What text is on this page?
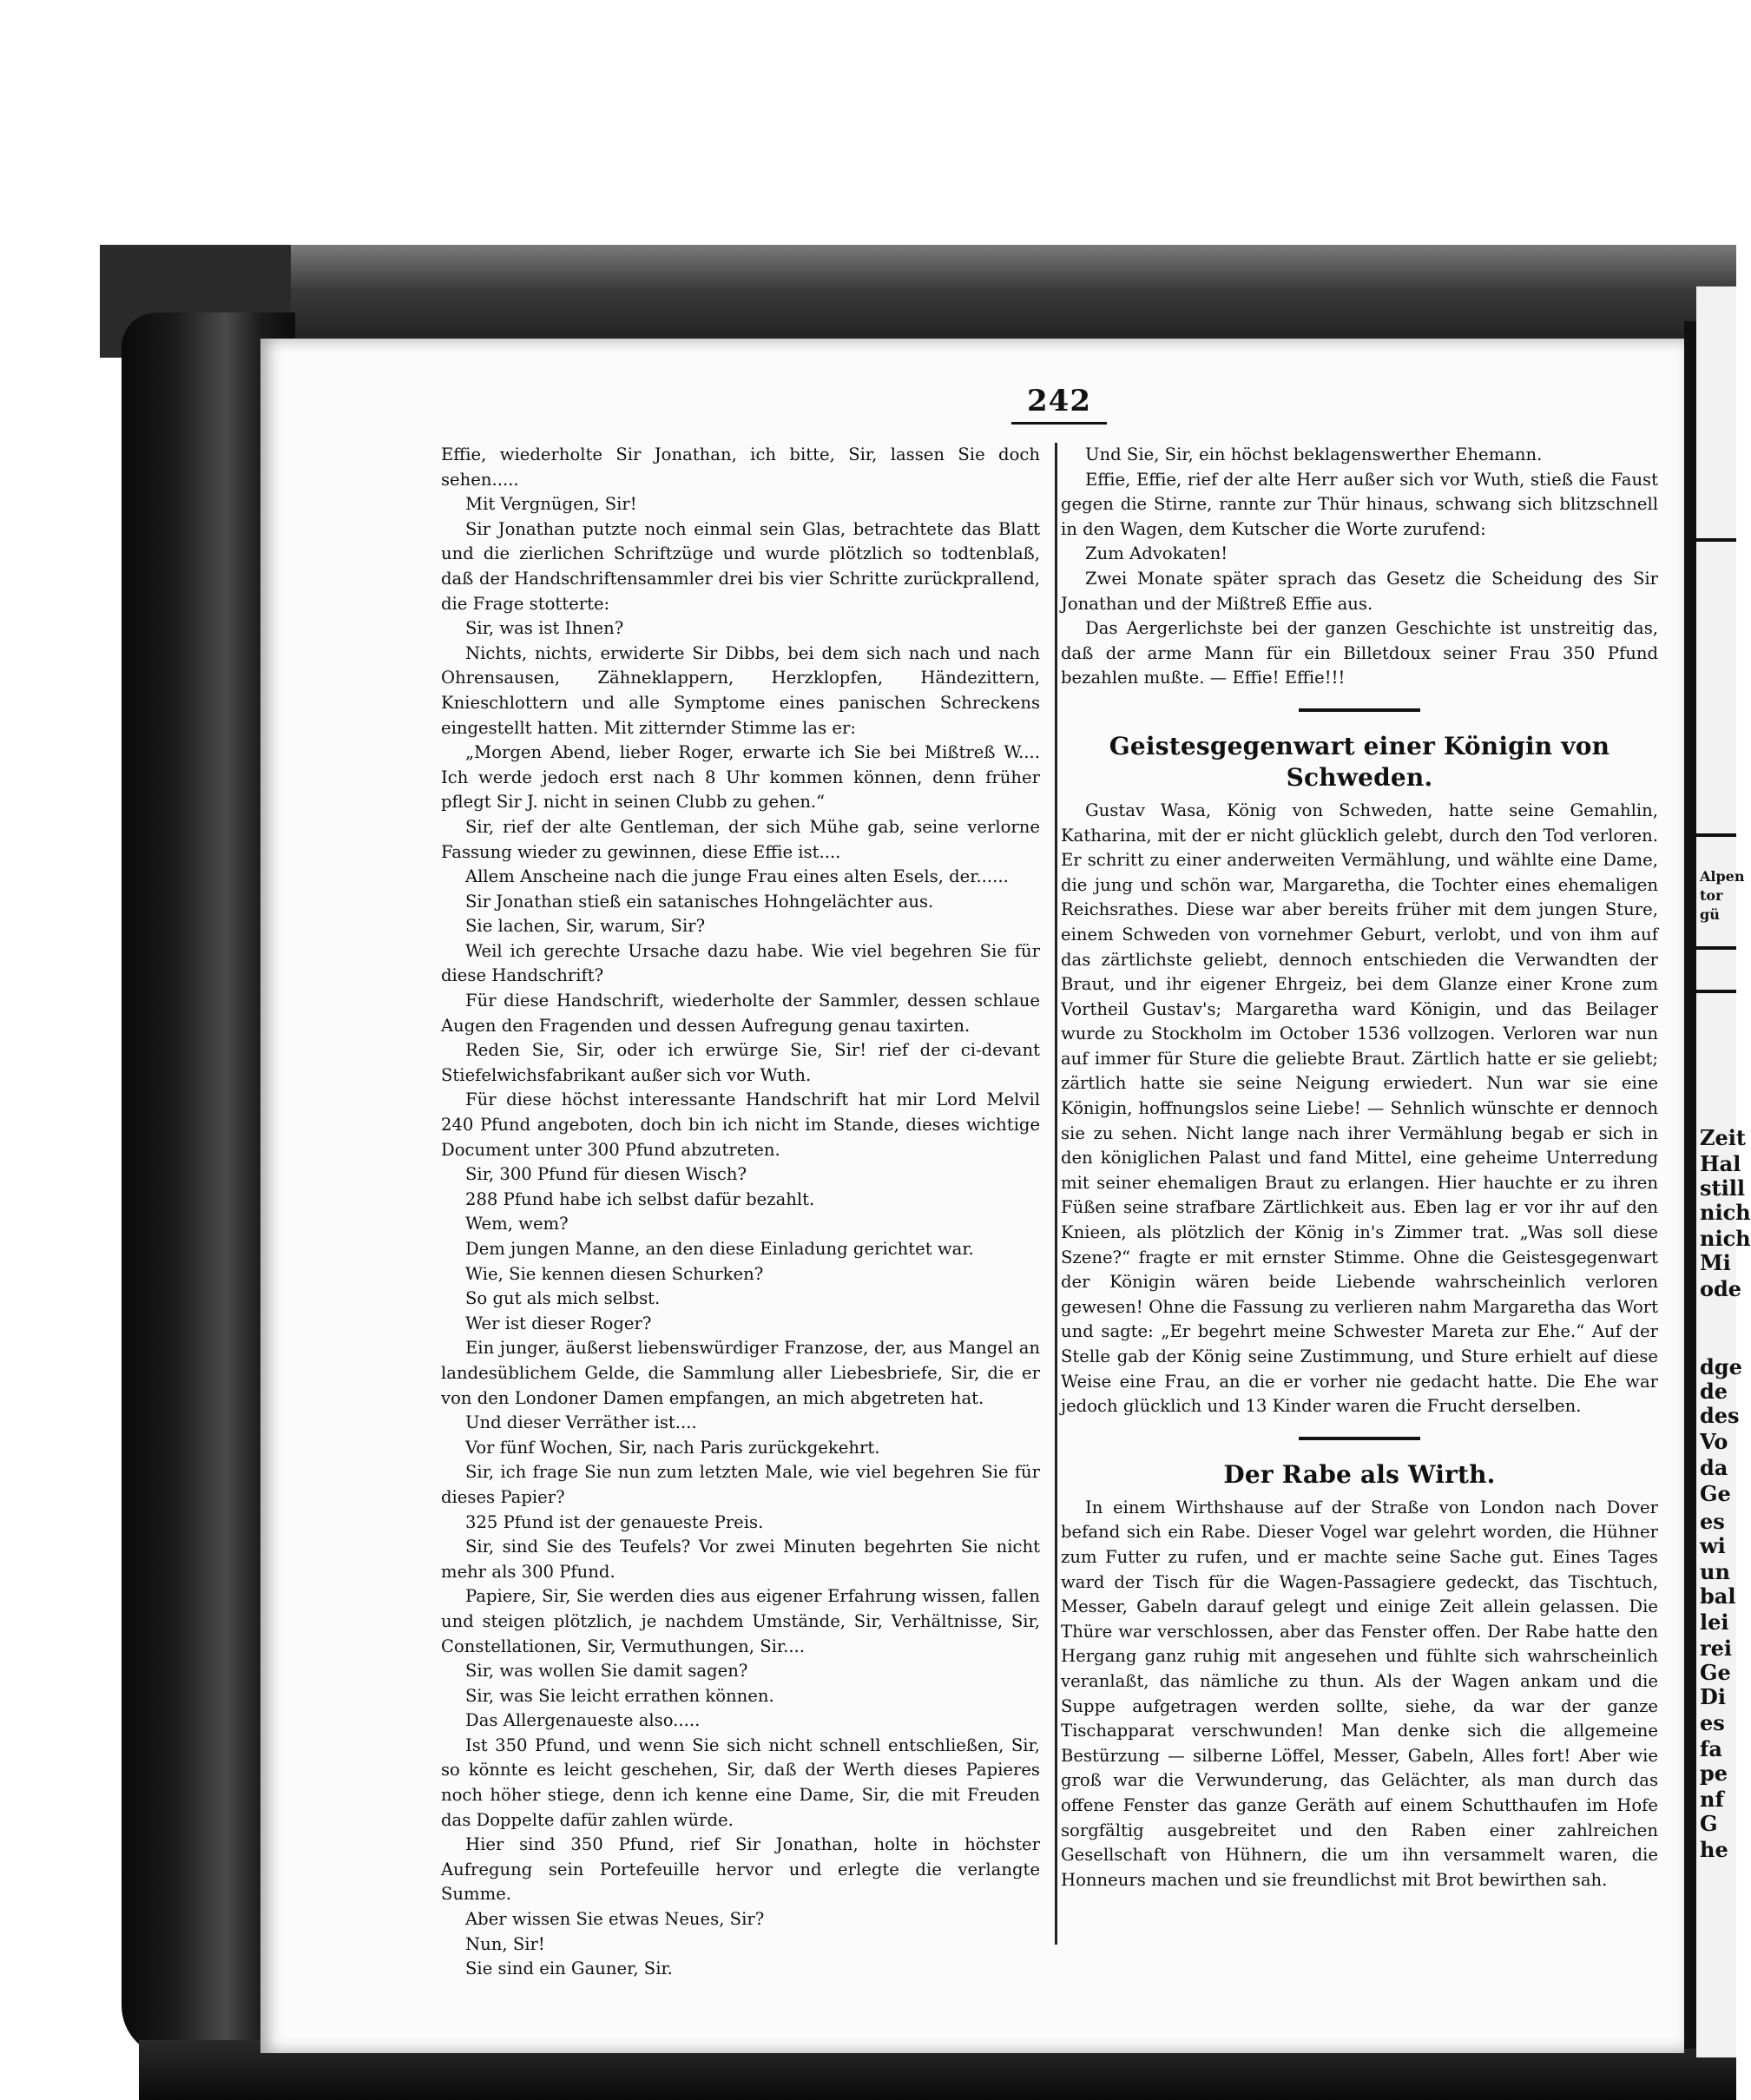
Alpen
tor
gü
Zeit
Hal
still
nich
nich
Mi
ode
dge
de
des
Vo
da
Ge
es
wi
un
bal
lei
rei
Ge
Di
es
fa
pe
nf
G
he
242

Effie, wiederholte Sir Jonathan, ich bitte, Sir, lassen Sie doch sehen.....

Mit Vergnügen, Sir!

Sir Jonathan putzte noch einmal sein Glas, betrachtete das Blatt und die zierlichen Schriftzüge und wurde plötzlich so todtenblaß, daß der Handschriftensammler drei bis vier Schritte zurückprallend, die Frage stotterte:

Sir, was ist Ihnen?

Nichts, nichts, erwiderte Sir Dibbs, bei dem sich nach und nach Ohrensausen, Zähneklappern, Herzklopfen, Händezittern, Knieschlottern und alle Symptome eines panischen Schreckens eingestellt hatten. Mit zitternder Stimme las er:

„Morgen Abend, lieber Roger, erwarte ich Sie bei Mißtreß W.... Ich werde jedoch erst nach 8 Uhr kommen können, denn früher pflegt Sir J. nicht in seinen Clubb zu gehen.“

Sir, rief der alte Gentleman, der sich Mühe gab, seine verlorne Fassung wieder zu gewinnen, diese Effie ist....

Allem Anscheine nach die junge Frau eines alten Esels, der......

Sir Jonathan stieß ein satanisches Hohngelächter aus.

Sie lachen, Sir, warum, Sir?

Weil ich gerechte Ursache dazu habe. Wie viel begehren Sie für diese Handschrift?

Für diese Handschrift, wiederholte der Sammler, dessen schlaue Augen den Fragenden und dessen Aufregung genau taxirten.

Reden Sie, Sir, oder ich erwürge Sie, Sir! rief der ci-devant Stiefelwichsfabrikant außer sich vor Wuth.

Für diese höchst interessante Handschrift hat mir Lord Melvil 240 Pfund angeboten, doch bin ich nicht im Stande, dieses wichtige Document unter 300 Pfund abzutreten.

Sir, 300 Pfund für diesen Wisch?

288 Pfund habe ich selbst dafür bezahlt.

Wem, wem?

Dem jungen Manne, an den diese Einladung gerichtet war.

Wie, Sie kennen diesen Schurken?

So gut als mich selbst.

Wer ist dieser Roger?

Ein junger, äußerst liebenswürdiger Franzose, der, aus Mangel an landesüblichem Gelde, die Sammlung aller Liebesbriefe, Sir, die er von den Londoner Damen empfangen, an mich abgetreten hat.

Und dieser Verräther ist....

Vor fünf Wochen, Sir, nach Paris zurückgekehrt.

Sir, ich frage Sie nun zum letzten Male, wie viel begehren Sie für dieses Papier?

325 Pfund ist der genaueste Preis.

Sir, sind Sie des Teufels? Vor zwei Minuten begehrten Sie nicht mehr als 300 Pfund.

Papiere, Sir, Sie werden dies aus eigener Erfahrung wissen, fallen und steigen plötzlich, je nachdem Umstände, Sir, Verhältnisse, Sir, Constellationen, Sir, Vermuthungen, Sir....

Sir, was wollen Sie damit sagen?

Sir, was Sie leicht errathen können.

Das Allergenaueste also.....

Ist 350 Pfund, und wenn Sie sich nicht schnell entschließen, Sir, so könnte es leicht geschehen, Sir, daß der Werth dieses Papieres noch höher stiege, denn ich kenne eine Dame, Sir, die mit Freuden das Doppelte dafür zahlen würde.

Hier sind 350 Pfund, rief Sir Jonathan, holte in höchster Aufregung sein Portefeuille hervor und erlegte die verlangte Summe.

Aber wissen Sie etwas Neues, Sir?

Nun, Sir!

Sie sind ein Gauner, Sir.

Und Sie, Sir, ein höchst beklagenswerther Ehemann.

Effie, Effie, rief der alte Herr außer sich vor Wuth, stieß die Faust gegen die Stirne, rannte zur Thür hinaus, schwang sich blitzschnell in den Wagen, dem Kutscher die Worte zurufend:

Zum Advokaten!

Zwei Monate später sprach das Gesetz die Scheidung des Sir Jonathan und der Mißtreß Effie aus.

Das Aergerlichste bei der ganzen Geschichte ist unstreitig das, daß der arme Mann für ein Billetdoux seiner Frau 350 Pfund bezahlen mußte. — Effie! Effie!!!

Geistesgegenwart einer Königin von Schweden.

Gustav Wasa, König von Schweden, hatte seine Gemahlin, Katharina, mit der er nicht glücklich gelebt, durch den Tod verloren. Er schritt zu einer anderweiten Vermählung, und wählte eine Dame, die jung und schön war, Margaretha, die Tochter eines ehemaligen Reichsrathes. Diese war aber bereits früher mit dem jungen Sture, einem Schweden von vornehmer Geburt, verlobt, und von ihm auf das zärtlichste geliebt, dennoch entschieden die Verwandten der Braut, und ihr eigener Ehrgeiz, bei dem Glanze einer Krone zum Vortheil Gustav's; Margaretha ward Königin, und das Beilager wurde zu Stockholm im October 1536 vollzogen. Verloren war nun auf immer für Sture die geliebte Braut. Zärtlich hatte er sie geliebt; zärtlich hatte sie seine Neigung erwiedert. Nun war sie eine Königin, hoffnungslos seine Liebe! — Sehnlich wünschte er dennoch sie zu sehen. Nicht lange nach ihrer Vermählung begab er sich in den königlichen Palast und fand Mittel, eine geheime Unterredung mit seiner ehemaligen Braut zu erlangen. Hier hauchte er zu ihren Füßen seine strafbare Zärtlichkeit aus. Eben lag er vor ihr auf den Knieen, als plötzlich der König in's Zimmer trat. „Was soll diese Szene?“ fragte er mit ernster Stimme. Ohne die Geistesgegenwart der Königin wären beide Liebende wahrscheinlich verloren gewesen! Ohne die Fassung zu verlieren nahm Margaretha das Wort und sagte: „Er begehrt meine Schwester Mareta zur Ehe.“ Auf der Stelle gab der König seine Zustimmung, und Sture erhielt auf diese Weise eine Frau, an die er vorher nie gedacht hatte. Die Ehe war jedoch glücklich und 13 Kinder waren die Frucht derselben.

Der Rabe als Wirth.

In einem Wirthshause auf der Straße von London nach Dover befand sich ein Rabe. Dieser Vogel war gelehrt worden, die Hühner zum Futter zu rufen, und er machte seine Sache gut. Eines Tages ward der Tisch für die Wagen-Passagiere gedeckt, das Tischtuch, Messer, Gabeln darauf gelegt und einige Zeit allein gelassen. Die Thüre war verschlossen, aber das Fenster offen. Der Rabe hatte den Hergang ganz ruhig mit angesehen und fühlte sich wahrscheinlich veranlaßt, das nämliche zu thun. Als der Wagen ankam und die Suppe aufgetragen werden sollte, siehe, da war der ganze Tischapparat verschwunden! Man denke sich die allgemeine Bestürzung — silberne Löffel, Messer, Gabeln, Alles fort! Aber wie groß war die Verwunderung, das Gelächter, als man durch das offene Fenster das ganze Geräth auf einem Schutthaufen im Hofe sorgfältig ausgebreitet und den Raben einer zahlreichen Gesellschaft von Hühnern, die um ihn versammelt waren, die Honneurs machen und sie freundlichst mit Brot bewirthen sah.
